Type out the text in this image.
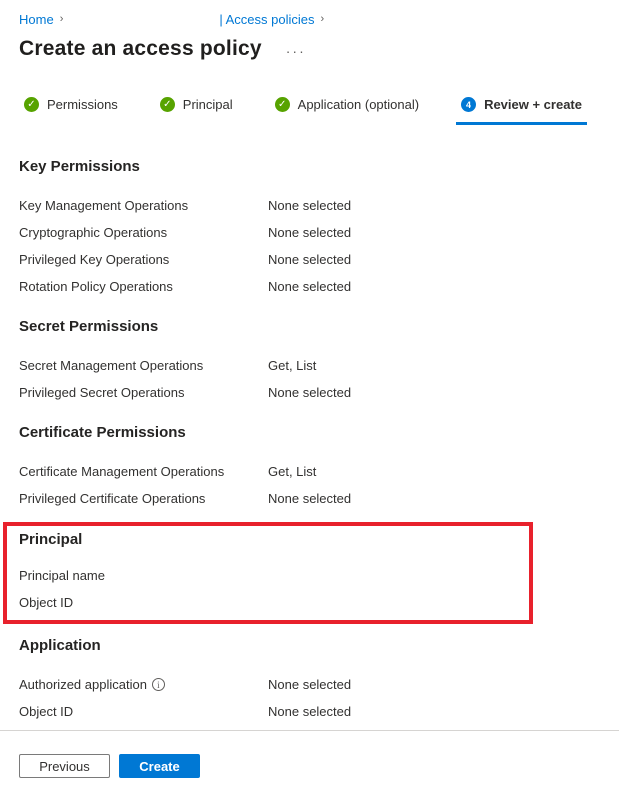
Home ›	| Access policies ›
Create an access policy ···
✓ Permissions	✓ Principal	✓ Application (optional)	4	Review + create
Key Permissions
Key Management Operations	None selected
Cryptographic Operations	None selected
Privileged Key Operations	None selected
Rotation Policy Operations	None selected
Secret Permissions
Secret Management Operations	Get, List
Privileged Secret Operations	None selected
Certificate Permissions
Certificate Management Operations	Get, List
Privileged Certificate Operations	None selected
Principal
Principal name
Object ID
Application
Authorized application	i	None selected
Object ID	None selected
Previous	Create
